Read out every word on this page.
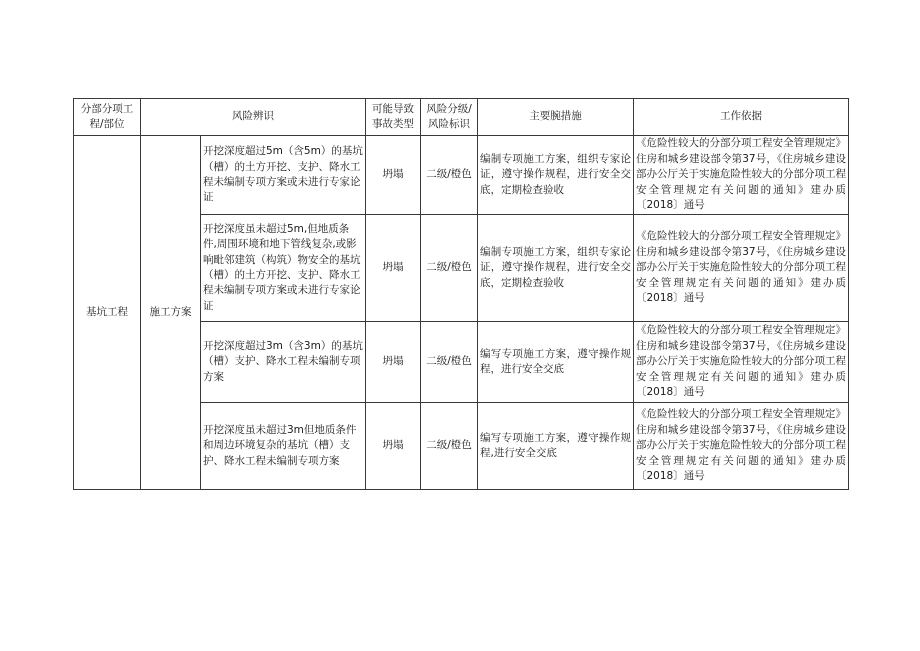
分部分项工程/部位	风险辨识		可能导致事故类型	风险分级/风险标识	主要腕措施	工作依据
基坑工程	施工方案	开挖深度超过5m（含5m）的基坑（槽）的土方开挖、支护、降水工程未编制专项方案或未进行专家论证	坍塌	二级/橙色	编制专项施工方案，组织专家论证，遵守操作规程，进行安全交底，定期检查验收	《危险性较大的分部分项工程安全管理规定》住房和城乡建设部令第37号，《住房城乡建设部办公厅关于实施危险性较大的分部分项工程安全管理规定有关问题的通知》建办质〔2018〕通号
		开挖深度虽未超过5m,但地质条件,周围环境和地下管线复杂,或影响毗邻建筑（构筑）物安全的基坑（槽）的土方开挖、支护、降水工程未编制专项方案或未进行专家论证	坍塌	二级/橙色	编制专项施工方案，组织专家论证，遵守操作规程，进行安全交底，定期检查验收	《危险性较大的分部分项工程安全管理规定》住房和城乡建设部令第37号，《住房城乡建设部办公厅关于实施危险性较大的分部分项工程安全管理规定有关问题的通知》建办质〔2018〕通号
		开挖深度超过3m（含3m）的基坑（槽）支护、降水工程未编制专项方案	坍塌	二级/橙色	编写专项施工方案，遵守操作规程，进行安全交底	《危险性较大的分部分项工程安全管理规定》住房和城乡建设部令第37号，《住房城乡建设部办公厅关于实施危险性较大的分部分项工程安全管理规定有关问题的通知》建办质〔2018〕通号
		开挖深度虽未超过3m但地质条件和周边环境复杂的基坑（槽）支护、降水工程未编制专项方案	坍塌	二级/橙色	编写专项施工方案，遵守操作规程,进行安全交底	《危险性较大的分部分项工程安全管理规定》住房和城乡建设部令第37号，《住房城乡建设部办公厅关于实施危险性较大的分部分项工程安全管理规定有关问题的通知》建办质〔2018〕通号
